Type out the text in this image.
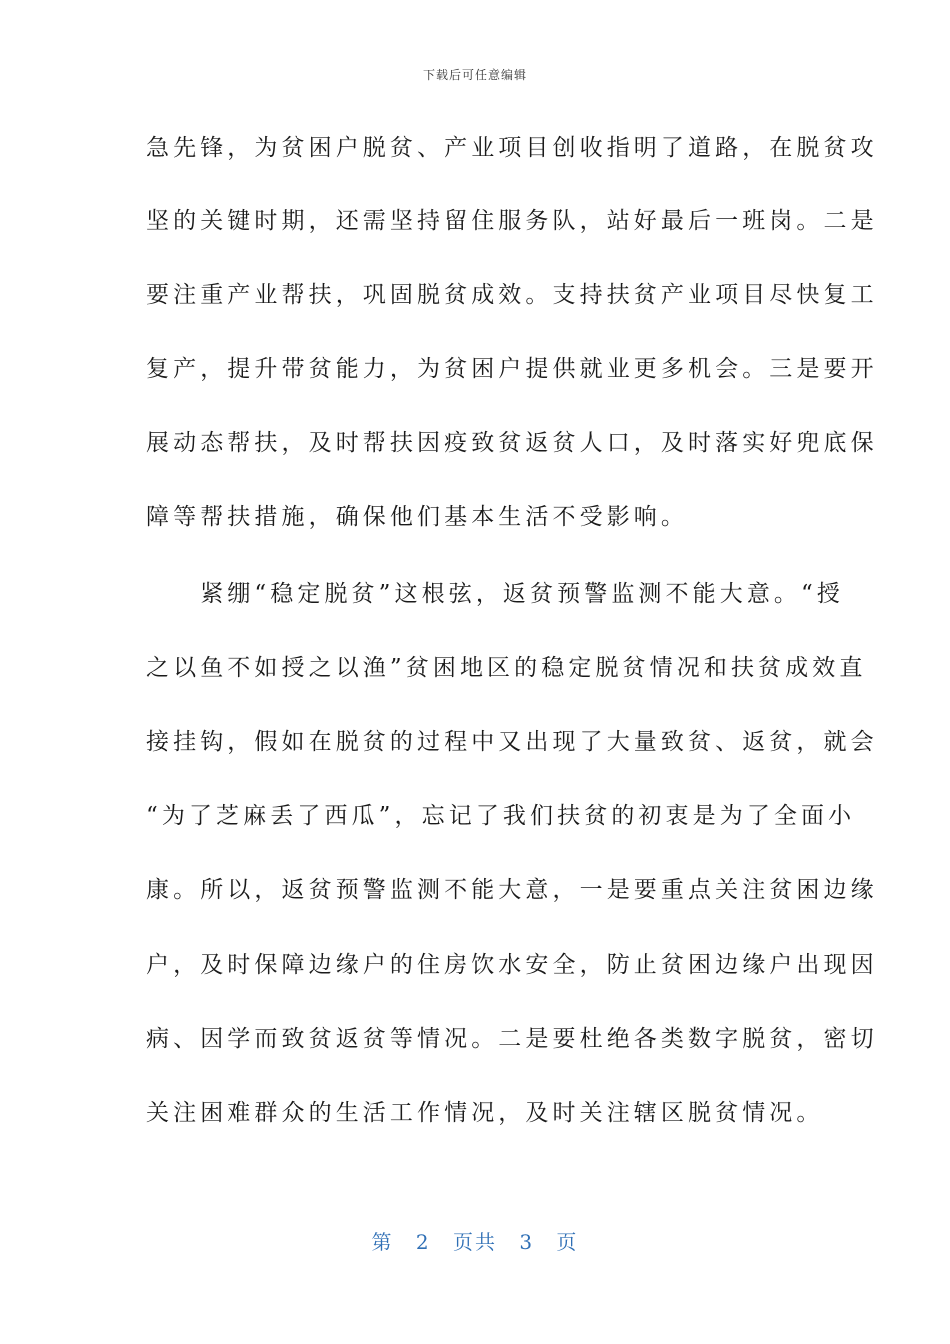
下载后可任意编辑
急先锋，为贫困户脱贫、产业项目创收指明了道路，在脱贫攻
坚的关键时期，还需坚持留住服务队，站好最后一班岗。二是
要注重产业帮扶，巩固脱贫成效。支持扶贫产业项目尽快复工
复产，提升带贫能力，为贫困户提供就业更多机会。三是要开
展动态帮扶，及时帮扶因疫致贫返贫人口，及时落实好兜底保
障等帮扶措施，确保他们基本生活不受影响。
　　紧绷“稳定脱贫”这根弦，返贫预警监测不能大意。“授
之以鱼不如授之以渔”贫困地区的稳定脱贫情况和扶贫成效直
接挂钩，假如在脱贫的过程中又出现了大量致贫、返贫，就会
“为了芝麻丢了西瓜”，忘记了我们扶贫的初衷是为了全面小
康。所以，返贫预警监测不能大意，一是要重点关注贫困边缘
户，及时保障边缘户的住房饮水安全，防止贫困边缘户出现因
病、因学而致贫返贫等情况。二是要杜绝各类数字脱贫，密切
关注困难群众的生活工作情况，及时关注辖区脱贫情况。
第 2 页共 3 页
